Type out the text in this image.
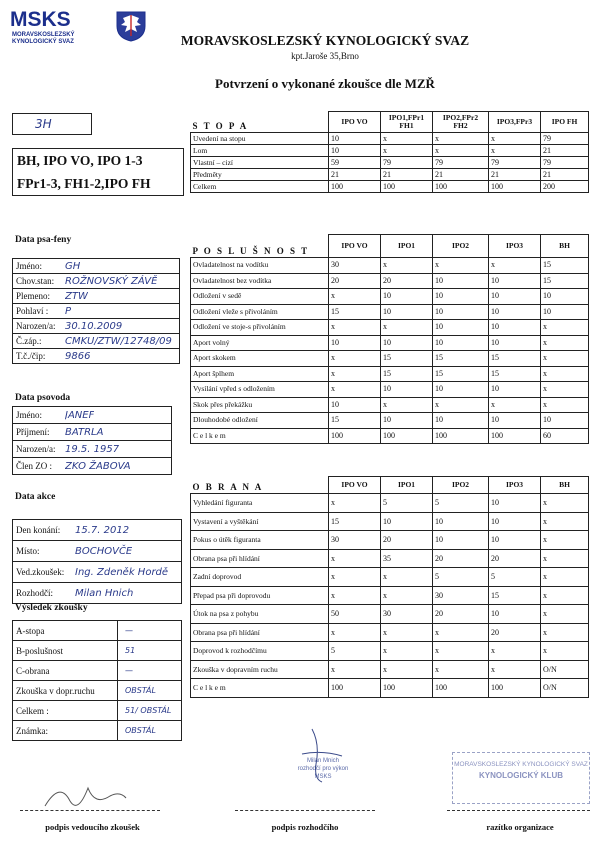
MSKS
MORAVSKOSLEZSKÝ
KYNOLOGICKÝ SVAZ	MORAVSKOSLEZSKÝ KYNOLOGICKÝ SVAZ
kpt.Jaroše 35,Brno
Potvrzení o vykonané zkoušce dle MZŘ
3H
BH, IPO VO, IPO 1-3
FPr1-3, FH1-2,IPO FH
Data psa-feny
Jméno: GH
Chov.stan: ROŽNOVSKÝ ZÁVĚ
Plemeno: ZTW
Pohlaví : P
Narozen/a: 30.10.2009
Č.záp.: CMKU/ZTW/12748/09
T.č./čip: 9866
Data psovoda
Jméno: JANEF
Příjmení: BATRLA
Narozen/a: 19.5. 1957
Člen ZO : ZKO ŽABOVA
Data akce
Den konání: 15.7. 2012
Místo:	BOCHOVČE
Ved.zkoušek: Ing. Zdeněk Hordě
Rozhodčí: Milan Hnich
Výsledek zkoušky
A-stopa	—
B-poslušnost	51
C-obrana	—
Zkouška v dopr.ruchu	OBSTÁL
Celkem :	51/ OBSTÁL
Známka:	OBSTÁL
S T O P A	IPO VO	IPO1,FPr1 FH1	IPO2,FPr2 FH2	IPO3,FPr3	IPO FH
Uvedení na stopu	10	x	x	x	79
Lom	10	x	x	x	21
Vlastní – cizí	59	79	79	79	79
Předměty	21	21	21	21	21
Celkem	100	100	100	100	200
P O S L U Š N O S T	IPO VO	IPO1	IPO2	IPO3	BH
Ovladatelnost na vodítku	30	x	x	x	15
Ovladatelnost bez vodítka	20	20	10	10	15
Odložení v sedě	x	10	10	10	10
Odložení vleže s přivoláním	15	10	10	10	10
Odložení ve stoje-s přivoláním	x	x	10	10	x
Aport volný	10	10	10	10	x
Aport skokem	x	15	15	15	x
Aport šplhem	x	15	15	15	x
Vysílání vpřed s odložením	x	10	10	10	x
Skok přes překážku	10	x	x	x	x
Dlouhodobé odložení	15	10	10	10	10
C e l k e m	100	100	100	100	60
O B R A N A	IPO VO	IPO1	IPO2	IPO3	BH
Vyhledání figuranta	x	5	5	10	x
Vystavení a vyštěkání	15	10	10	10	x
Pokus o útěk figuranta	30	20	10	10	x
Obrana psa při hlídání	x	35	20	20	x
Zadní doprovod	x	x	5	5	x
Přepad psa při doprovodu	x	x	30	15	x
Útok na psa z pohybu	50	30	20	10	x
Obrana psa při hlídání	x	x	x	20	x
Doprovod k rozhodčímu	5	x	x	x	x
Zkouška v dopravním ruchu	x	x	x	x	O/N
C e l k e m	100	100	100	100	O/N
Milan Mnich
rozhodčí pro výkon
MSKS
MORAVSKOSLEZSKÝ KYNOLOGICKÝ SVAZ
KYNOLOGICKÝ KLUB
podpis vedoucího zkoušek	podpis rozhodčího	razítko organizace
